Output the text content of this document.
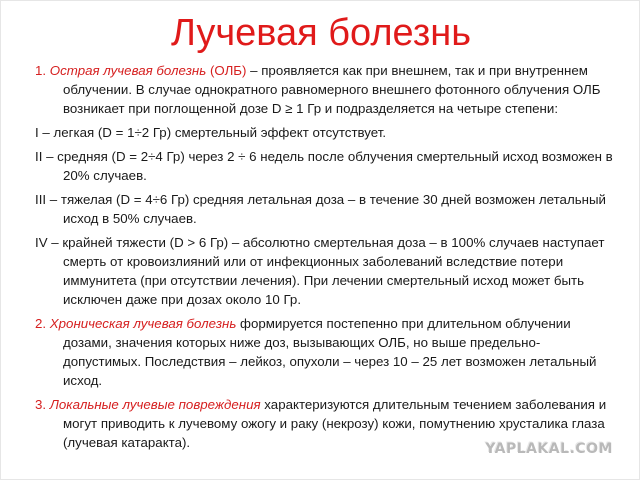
Лучевая болезнь

1. Острая лучевая болезнь (ОЛБ) – проявляется как при внешнем, так и при внутреннем облучении. В случае однократного равномерного внешнего фотонного облучения ОЛБ возникает при поглощенной дозе D ≥ 1 Гр и подразделяется на четыре степени:

I – легкая (D = 1÷2 Гр) смертельный эффект отсутствует.

II – средняя (D = 2÷4 Гр) через 2 ÷ 6 недель после облучения смертельный исход возможен в 20% случаев.

III – тяжелая (D = 4÷6 Гр) средняя летальная доза – в течение 30 дней возможен летальный исход в 50% случаев.

IV – крайней тяжести (D > 6 Гр) – абсолютно смертельная доза – в 100% случаев наступает смерть от кровоизлияний или от инфекционных заболеваний вследствие потери иммунитета (при отсутствии лечения). При лечении смертельный исход может быть исключен даже при дозах около 10 Гр.

2. Хроническая лучевая болезнь формируется постепенно при длительном облучении дозами, значения которых ниже доз, вызывающих ОЛБ, но выше предельно-допустимых. Последствия – лейкоз, опухоли – через 10 – 25 лет возможен летальный исход.

3. Локальные лучевые повреждения характеризуются длительным течением заболевания и могут приводить к лучевому ожогу и раку (некрозу) кожи, помутнению хрусталика глаза (лучевая катаракта).	YAPLAKAL.COM
